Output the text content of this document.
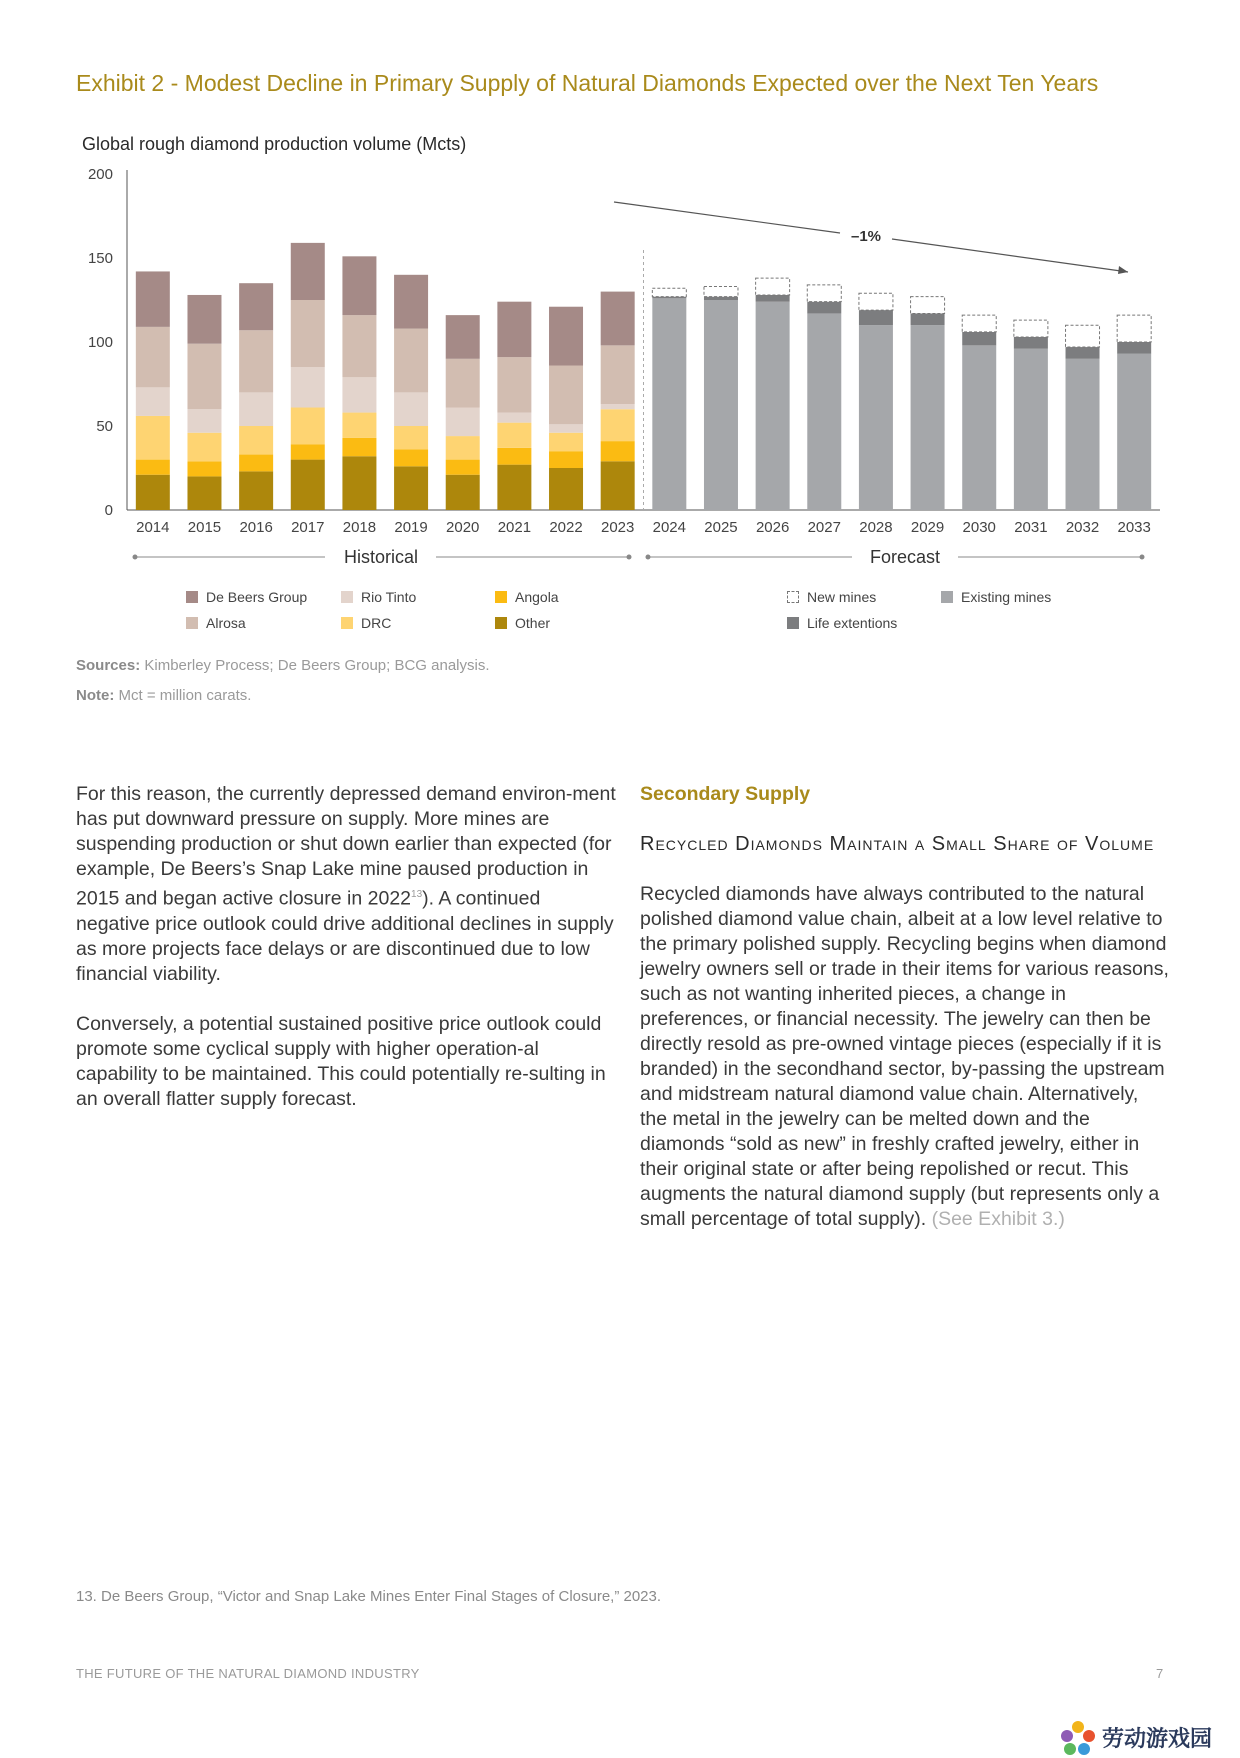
Exhibit 2 - Modest Decline in Primary Supply of Natural Diamonds Expected over the Next Ten Years
Global rough diamond production volume (Mcts)
0
50
100
150
200
2014 2015 2016 2017 2018 2019 2020 2021 2022 2023 2024 2025 2026 2027 2028 2029 2030 2031 2032 2033
–1%
Historical	Forecast
De Beers Group
Alrosa
Rio Tinto
DRC
Angola
Other
New mines
Life extentions
Existing mines
Sources: Kimberley Process; De Beers Group; BCG analysis.
Note: Mct = million carats.

For this reason, the currently depressed demand environ-ment has put downward pressure on supply. More mines are suspending production or shut down earlier than expected (for example, De Beers’s Snap Lake mine paused production in 2015 and began active closure in 2022$^{13}$). A continued negative price outlook could drive additional declines in supply as more projects face delays or are discontinued due to low financial viability.

Conversely, a potential sustained positive price outlook could promote some cyclical supply with higher operation-al capability to be maintained. This could potentially re-sulting in an overall flatter supply forecast.

Secondary Supply
Recycled Diamonds Maintain a Small Share of Volume

Recycled diamonds have always contributed to the natural polished diamond value chain, albeit at a low level relative to the primary polished supply. Recycling begins when diamond jewelry owners sell or trade in their items for various reasons, such as not wanting inherited pieces, a change in preferences, or financial necessity. The jewelry can then be directly resold as pre-owned vintage pieces (especially if it is branded) in the secondhand sector, by-passing the upstream and midstream natural diamond value chain. Alternatively, the metal in the jewelry can be melted down and the diamonds “sold as new” in freshly crafted jewelry, either in their original state or after being repolished or recut. This augments the natural diamond supply (but represents only a small percentage of total supply). (See Exhibit 3.)

13. De Beers Group, “Victor and Snap Lake Mines Enter Final Stages of Closure,” 2023.
THE FUTURE OF THE NATURAL DIAMOND INDUSTRY	7
劳动游戏园
